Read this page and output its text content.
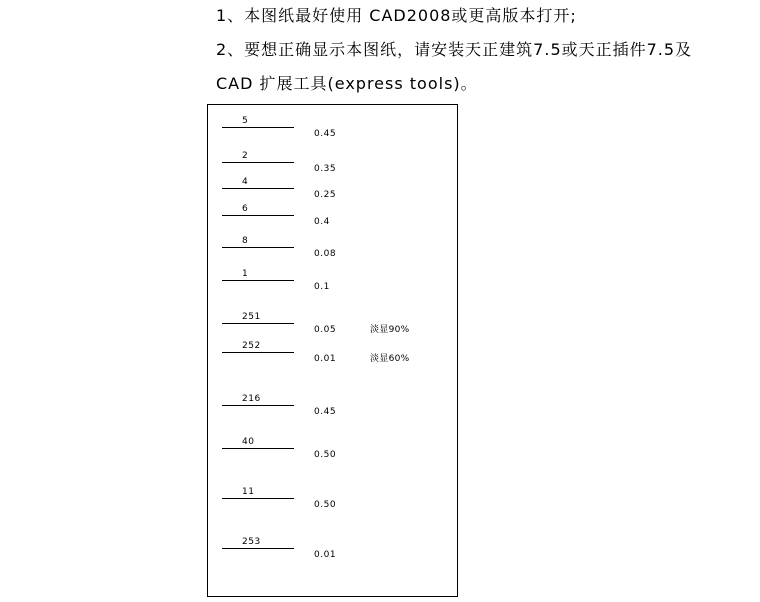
1、本图纸最好使用 CAD2008或更高版本打开;
2、要想正确显示本图纸，请安装天正建筑7.5或天正插件7.5及
CAD 扩展工具(express tools)。
5
0.45
2
0.35
4
0.25
6
0.4
8
0.08
1
0.1
251
0.05	淡显90%
252
0.01	淡显60%
216
0.45
40
0.50
11
0.50
253
0.01
